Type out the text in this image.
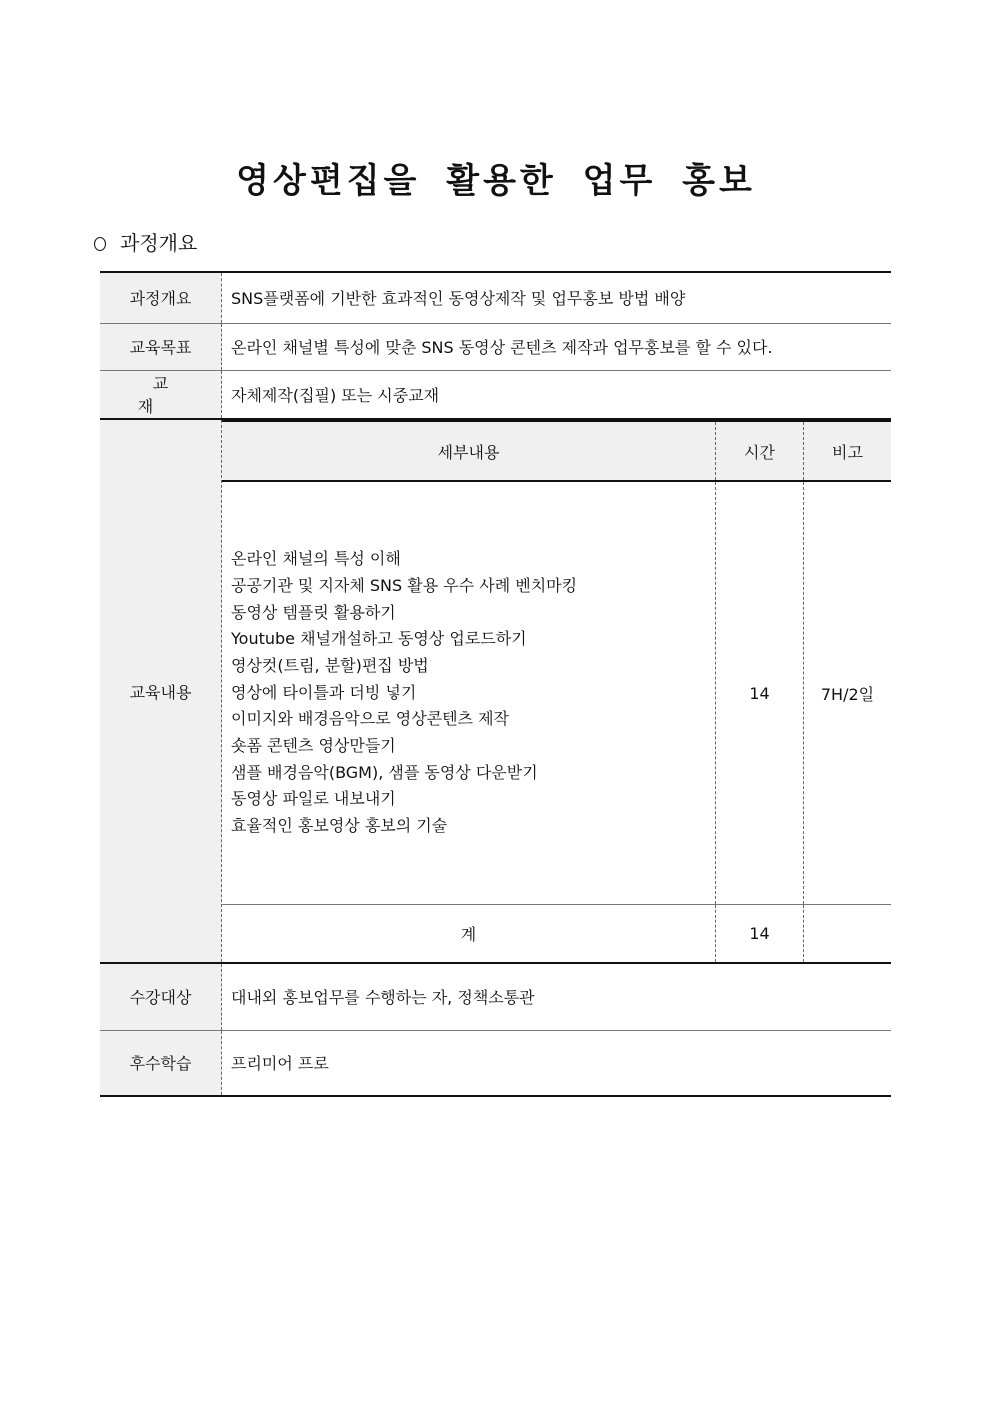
영상편집을 활용한 업무 홍보
과정개요
과정개요	SNS플랫폼에 기반한 효과적인 동영상제작 및 업무홍보 방법 배양
교육목표	온라인 채널별 특성에 맞춘 SNS 동영상 콘텐츠 제작과 업무홍보를 할 수 있다.
교 재	자체제작(집필) 또는 시중교재
교육내용	
세부내용	시간	비고

온라인 채널의 특성 이해
공공기관 및 지자체 SNS 활용 우수 사례 벤치마킹
동영상 템플릿 활용하기
Youtube 채널개설하고 동영상 업로드하기
영상컷(트림, 분할)편집 방법
영상에 타이틀과 더빙 넣기
이미지와 배경음악으로 영상콘텐츠 제작
숏폼 콘텐츠 영상만들기
샘플 배경음악(BGM), 샘플 동영상 다운받기
동영상 파일로 내보내기
효율적인 홍보영상 홍보의 기술
	14	7H/2일
계	14	

수강대상	대내외 홍보업무를 수행하는 자, 정책소통관
후수학습	프리미어 프로
